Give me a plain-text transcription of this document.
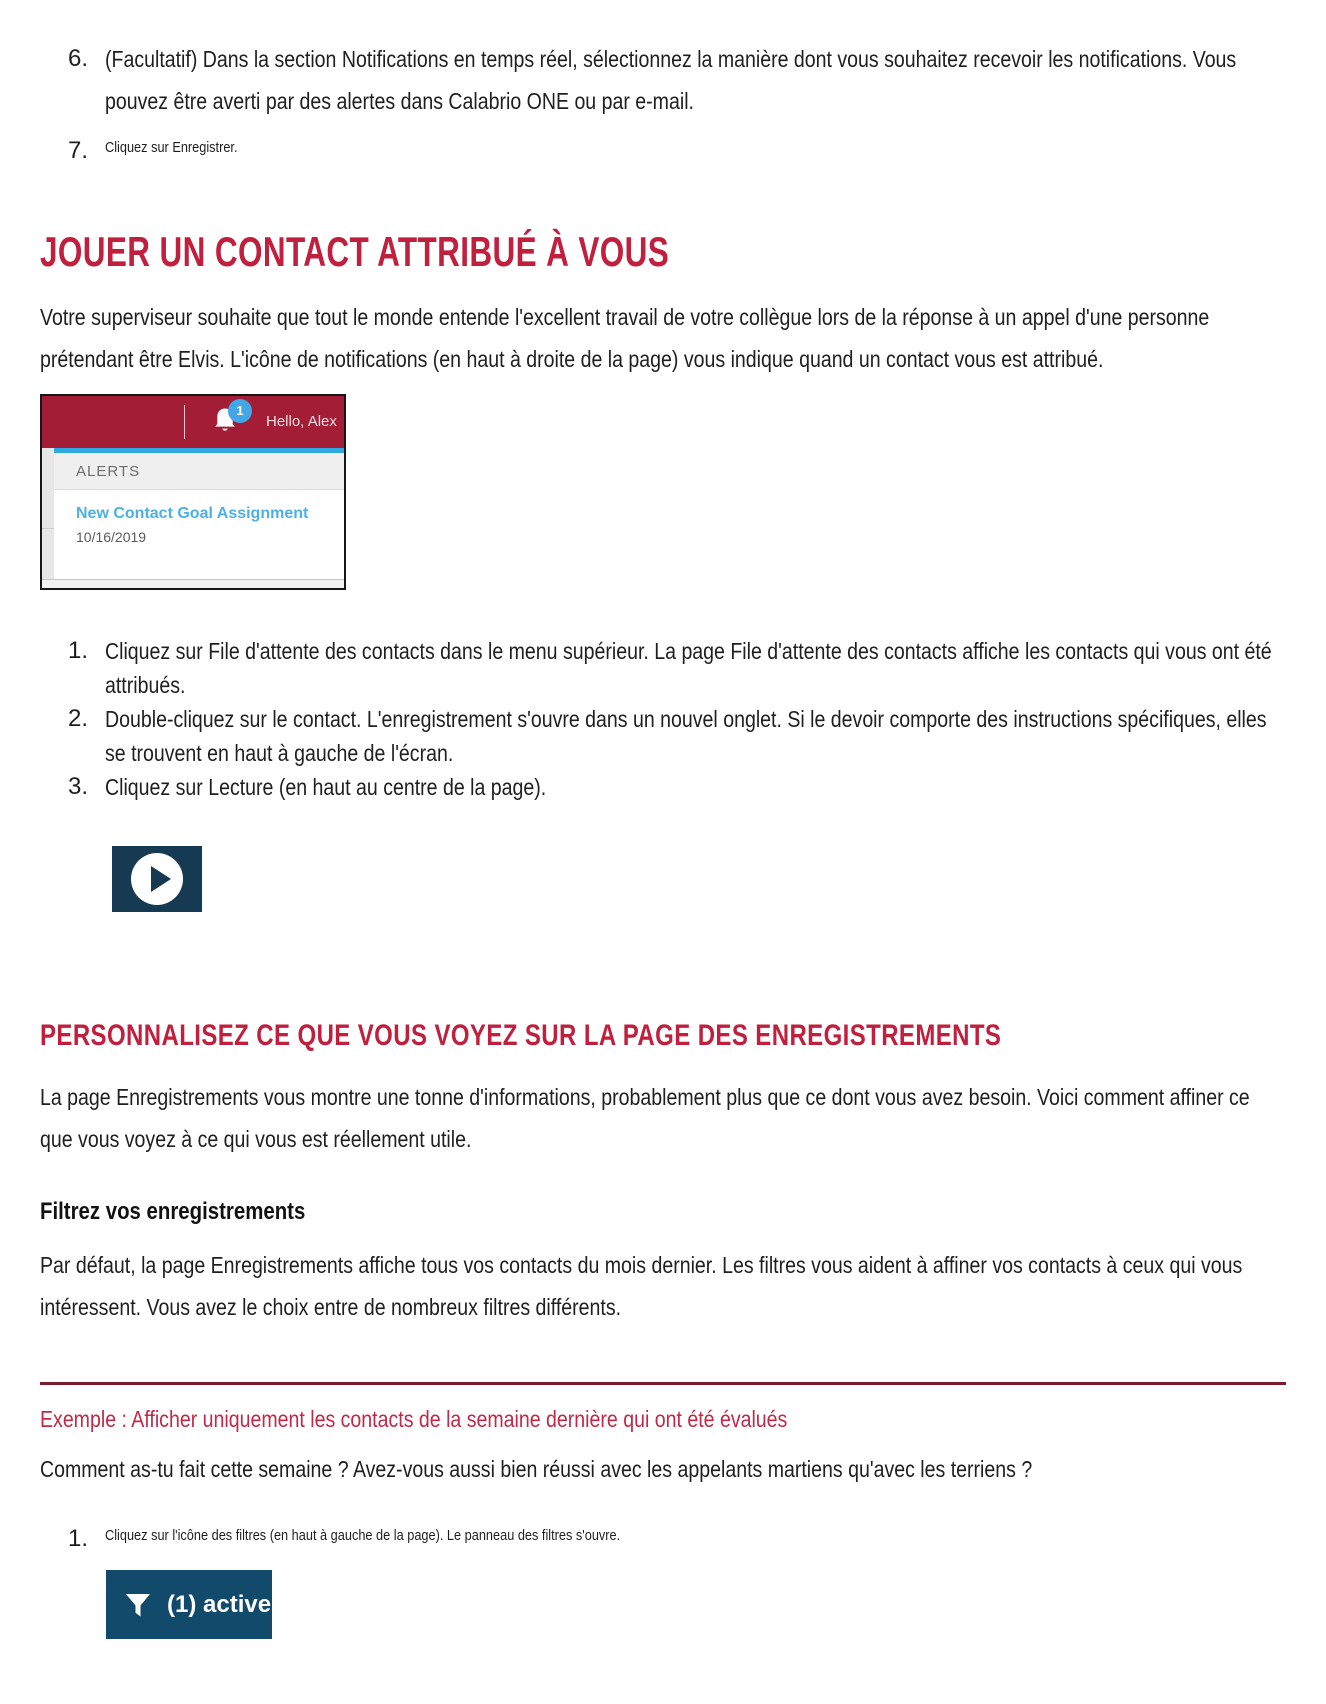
6. (Facultatif) Dans la section Notifications en temps réel, sélectionnez la manière dont vous souhaitez recevoir les notifications. Vous pouvez être averti par des alertes dans Calabrio ONE ou par e-mail.
7. Cliquez sur Enregistrer.
JOUER UN CONTACT ATTRIBUÉ À VOUS
Votre superviseur souhaite que tout le monde entende l'excellent travail de votre collègue lors de la réponse à un appel d'une personne prétendant être Elvis. L'icône de notifications (en haut à droite de la page) vous indique quand un contact vous est attribué.
1
Hello, Alex
ALERTS
New Contact Goal Assignment
10/16/2019
1. Cliquez sur File d'attente des contacts dans le menu supérieur. La page File d'attente des contacts affiche les contacts qui vous ont été attribués.
2. Double-cliquez sur le contact. L'enregistrement s'ouvre dans un nouvel onglet. Si le devoir comporte des instructions spécifiques, elles se trouvent en haut à gauche de l'écran.
3. Cliquez sur Lecture (en haut au centre de la page).
PERSONNALISEZ CE QUE VOUS VOYEZ SUR LA PAGE DES ENREGISTREMENTS
La page Enregistrements vous montre une tonne d'informations, probablement plus que ce dont vous avez besoin. Voici comment affiner ce que vous voyez à ce qui vous est réellement utile.
Filtrez vos enregistrements
Par défaut, la page Enregistrements affiche tous vos contacts du mois dernier. Les filtres vous aident à affiner vos contacts à ceux qui vous intéressent. Vous avez le choix entre de nombreux filtres différents.
Exemple : Afficher uniquement les contacts de la semaine dernière qui ont été évalués
Comment as-tu fait cette semaine ? Avez-vous aussi bien réussi avec les appelants martiens qu'avec les terriens ?
1. Cliquez sur l'icône des filtres (en haut à gauche de la page). Le panneau des filtres s'ouvre.
(1) active
